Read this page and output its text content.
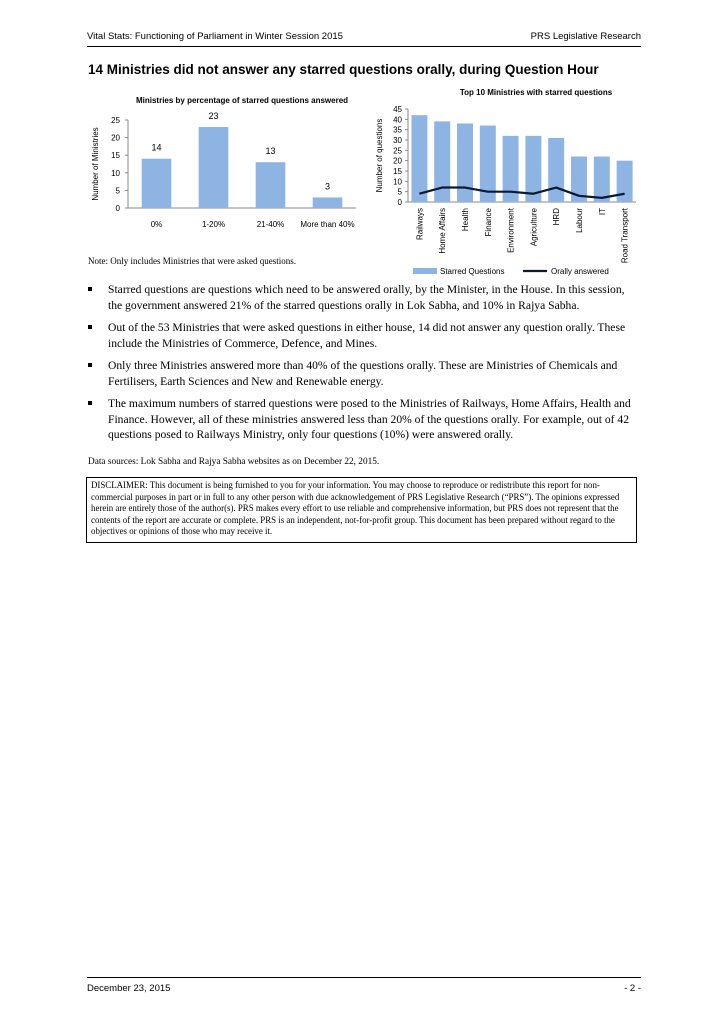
Vital Stats: Functioning of Parliament in Winter Session 2015	PRS Legislative Research
14 Ministries did not answer any starred questions orally, during Question Hour
Ministries by percentage of starred questions answered
Number of Ministries
0
5
10
15
20
25
14
0%
23
1-20%
13
21-40%
3
More than 40%
Top 10 Ministries with starred questions
Number of questions
0
5
10
15
20
25
30
35
40
45
Railways Home Affairs Health Finance Environment Agriculture HRD Labour IT Road Transport
Starred Questions	Orally answered
Note: Only includes Ministries that were asked questions.
Starred questions are questions which need to be answered orally, by the Minister, in the House. In this session, the government answered 21% of the starred questions orally in Lok Sabha, and 10% in Rajya Sabha.
Out of the 53 Ministries that were asked questions in either house, 14 did not answer any question orally. These include the Ministries of Commerce, Defence, and Mines.
Only three Ministries answered more than 40% of the questions orally. These are Ministries of Chemicals and Fertilisers, Earth Sciences and New and Renewable energy.
The maximum numbers of starred questions were posed to the Ministries of Railways, Home Affairs, Health and Finance. However, all of these ministries answered less than 20% of the questions orally. For example, out of 42 questions posed to Railways Ministry, only four questions (10%) were answered orally.
Data sources: Lok Sabha and Rajya Sabha websites as on December 22, 2015.
DISCLAIMER: This document is being furnished to you for your information. You may choose to reproduce or redistribute this report for non-commercial purposes in part or in full to any other person with due acknowledgement of PRS Legislative Research (“PRS”). The opinions expressed herein are entirely those of the author(s). PRS makes every effort to use reliable and comprehensive information, but PRS does not represent that the contents of the report are accurate or complete. PRS is an independent, not-for-profit group. This document has been prepared without regard to the objectives or opinions of those who may receive it.
December 23, 2015	- 2 -
